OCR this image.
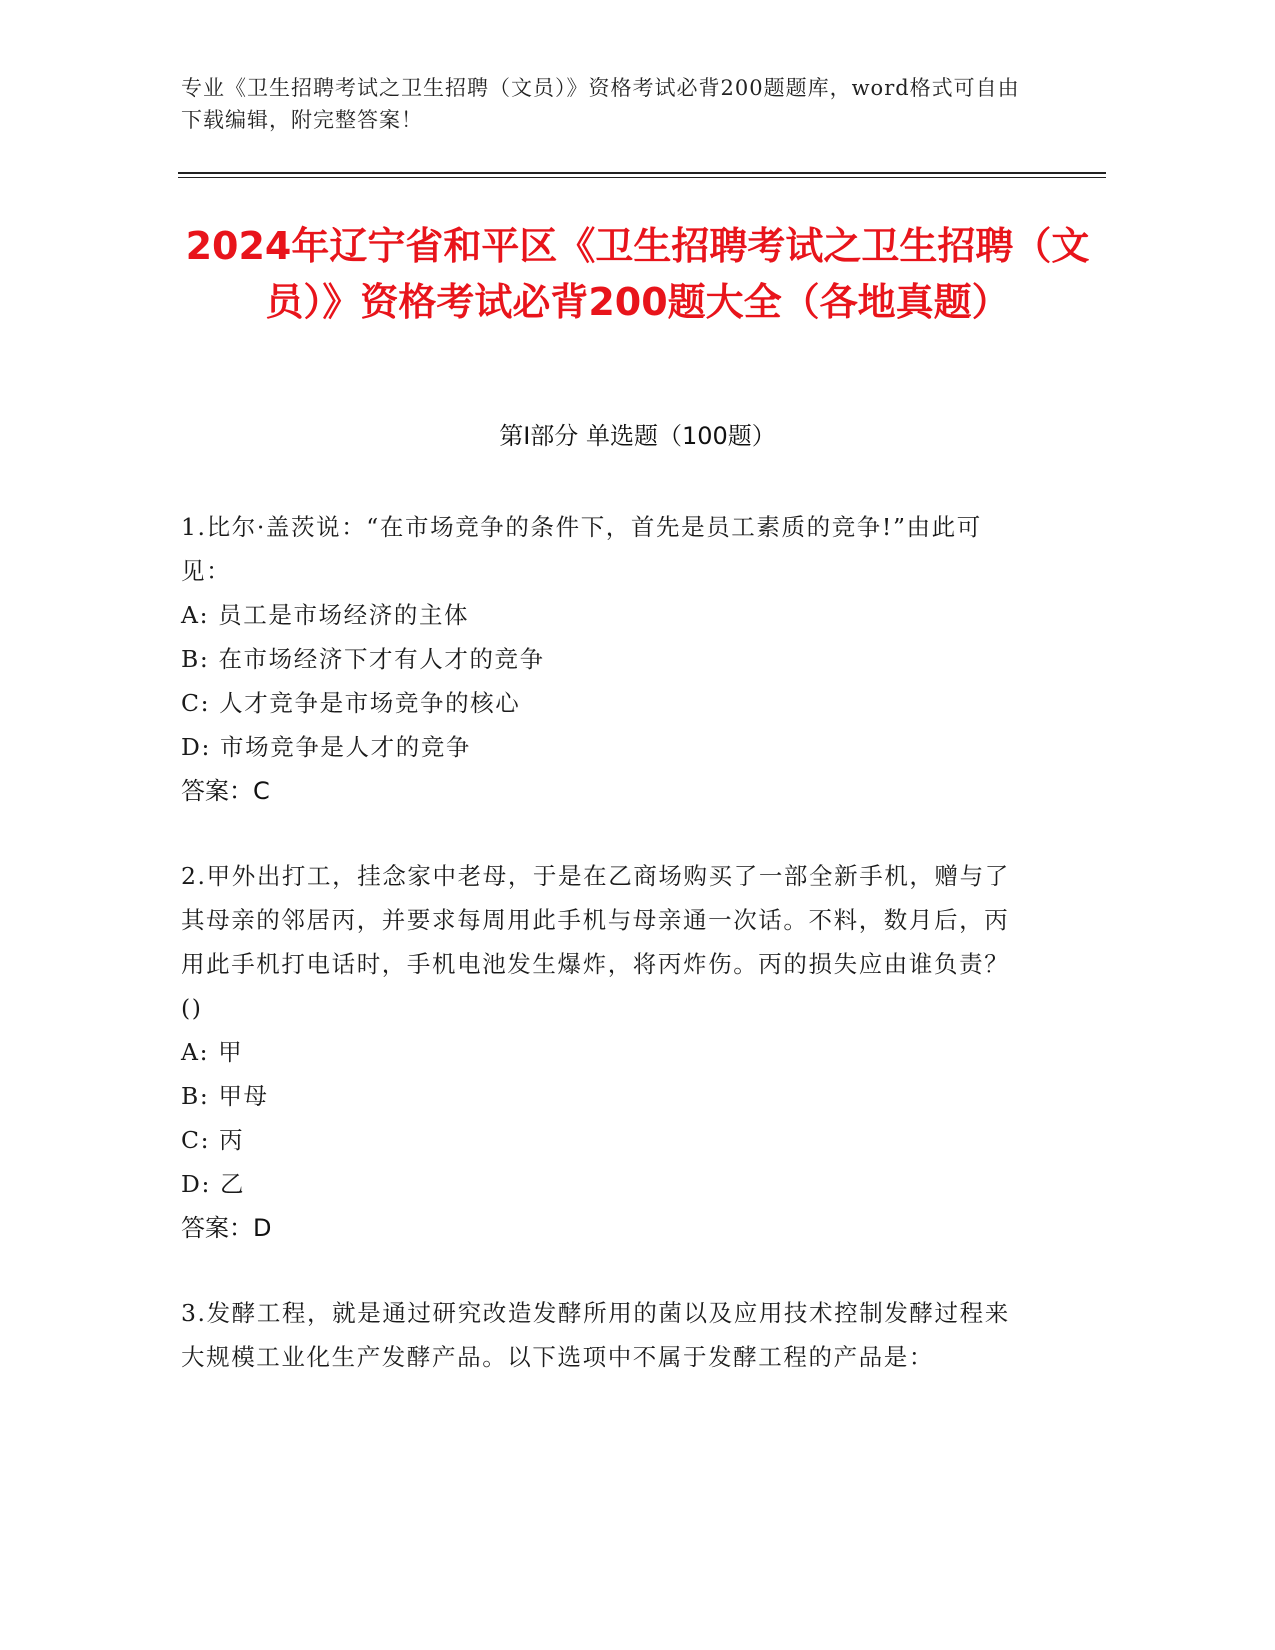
专业《卫生招聘考试之卫生招聘（文员）》资格考试必背200题题库，word格式可自由下载编辑，附完整答案！
2024年辽宁省和平区《卫生招聘考试之卫生招聘（文员）》资格考试必背200题大全（各地真题）
第Ⅰ部分 单选题（100题）
1.比尔·盖茨说：“在市场竞争的条件下，首先是员工素质的竞争!”由此可见：
A: 员工是市场经济的主体
B: 在市场经济下才有人才的竞争
C: 人才竞争是市场竞争的核心
D: 市场竞争是人才的竞争
答案：C
2.甲外出打工，挂念家中老母，于是在乙商场购买了一部全新手机，赠与了其母亲的邻居丙，并要求每周用此手机与母亲通一次话。不料，数月后，丙用此手机打电话时，手机电池发生爆炸，将丙炸伤。丙的损失应由谁负责？()
A: 甲
B: 甲母
C: 丙
D: 乙
答案：D
3.发酵工程，就是通过研究改造发酵所用的菌以及应用技术控制发酵过程来大规模工业化生产发酵产品。以下选项中不属于发酵工程的产品是：
